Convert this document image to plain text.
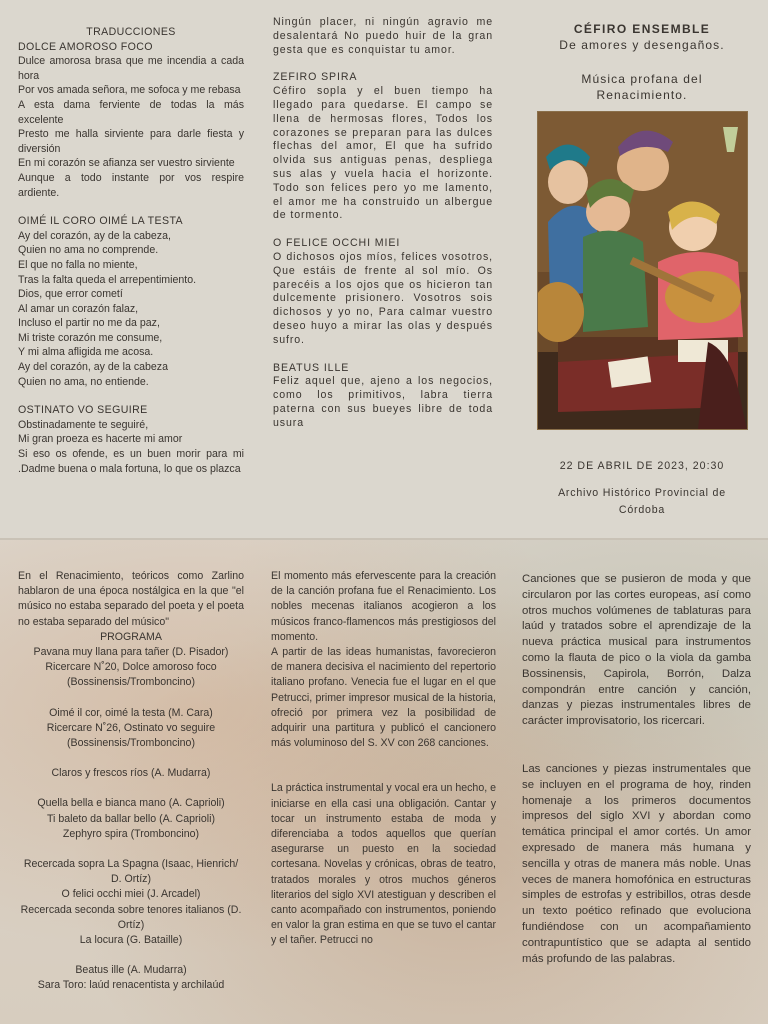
TRADUCCIONES
DOLCE AMOROSO FOCO
Dulce amorosa brasa que me incendia a cada hora
Por vos amada señora, me sofoca y me rebasa
A esta dama ferviente de todas la más excelente
Presto me halla sirviente para darle fiesta y diversión
En mi corazón se afianza ser vuestro sirviente
Aunque a todo instante por vos respire ardiente.
OIMÉ IL CORO OIMÉ LA TESTA
Ay del corazón, ay de la cabeza,
Quien no ama no comprende.
El que no falla no miente,
Tras la falta queda el arrepentimiento.
Dios, que error cometí
Al amar un corazón falaz,
Incluso el partir no me da paz,
Mi triste corazón me consume,
Y mi alma afligida me acosa.
Ay del corazón, ay de la cabeza
Quien no ama, no entiende.
OSTINATO VO SEGUIRE
Obstinadamente te seguiré,
Mi gran proeza es hacerte mi amor
Si eso os ofende, es un buen morir para mi .Dadme buena o mala fortuna, lo que os plazca
Ningún placer, ni ningún agravio me desalentará No puedo huir de la gran gesta que es conquistar tu amor.
ZEFIRO SPIRA
Céfiro sopla y el buen tiempo ha llegado para quedarse. El campo se llena de hermosas flores, Todos los corazones se preparan para las dulces flechas del amor, El que ha sufrido olvida sus antiguas penas, despliega sus alas y vuela hacia el horizonte. Todo son felices pero yo me lamento, el amor me ha construido un albergue de tormento.
O FELICE OCCHI MIEI
O dichosos ojos míos, felices vosotros, Que estáis de frente al sol mío. Os parecéis a los ojos que os hicieron tan dulcemente prisionero. Vosotros sois dichosos y yo no, Para calmar vuestro deseo huyo a mirar las olas y después sufro.
BEATUS ILLE
Feliz aquel que, ajeno a los negocios, como los primitivos, labra tierra paterna con sus bueyes libre de toda usura
CÉFIRO ENSEMBLE
De amores y desengaños.
Música profana del Renacimiento.
22 DE ABRIL DE 2023, 20:30
Archivo Histórico Provincial de Córdoba
En el Renacimiento, teóricos como Zarlino hablaron de una época nostálgica en la que "el músico no estaba separado del poeta y el poeta no estaba separado del músico"
PROGRAMA
Pavana muy llana para tañer (D. Pisador)
Ricercare N˚20, Dolce amoroso foco
(Bossinensis/Tromboncino)
Oimé il cor, oimé la testa (M. Cara)
Ricercare N˚26, Ostinato vo seguire
(Bossinensis/Tromboncino)
Claros y frescos ríos (A. Mudarra)
Quella bella e bianca mano (A. Caprioli)
Ti baleto da ballar bello (A. Caprioli)
Zephyro spira (Tromboncino)
Recercada sopra La Spagna (Isaac, Hienrich/ D. Ortíz)
O felici occhi miei (J. Arcadel)
Recercada seconda sobre tenores italianos (D. Ortíz)
La locura (G. Bataille)
Beatus ille (A. Mudarra)
Sara Toro: laúd renacentista y archilaúd
El momento más efervescente para la creación de la canción profana fue el Renacimiento. Los nobles mecenas italianos acogieron a los músicos franco-flamencos más prestigiosos del momento.
A partir de las ideas humanistas, favorecieron de manera decisiva el nacimiento del repertorio italiano profano. Venecia fue el lugar en el que Petrucci, primer impresor musical de la historia, ofreció por primera vez la posibilidad de adquirir una partitura y publicó el cancionero más voluminoso del S. XV con 268 canciones.
La práctica instrumental y vocal era un hecho, e iniciarse en ella casi una obligación. Cantar y tocar un instrumento estaba de moda y diferenciaba a todos aquellos que querían asegurarse un puesto en la sociedad cortesana. Novelas y crónicas, obras de teatro, tratados morales y otros muchos géneros literarios del siglo XVI atestiguan y describen el canto acompañado con instrumentos, poniendo en valor la gran estima en que se tuvo el cantar y el tañer. Petrucci no
Canciones que se pusieron de moda y que circularon por las cortes europeas, así como otros muchos volúmenes de tablaturas para laúd y tratados sobre el aprendizaje de la nueva práctica musical para instrumentos como la flauta de pico o la viola da gamba Bossinensis, Capirola, Borrón, Dalza compondrán entre canción y canción, danzas y piezas instrumentales libres de carácter improvisatorio, los ricercari.
Las canciones y piezas instrumentales que se incluyen en el programa de hoy, rinden homenaje a los primeros documentos impresos del siglo XVI y abordan como temática principal el amor cortés. Un amor expresado de manera más humana y sencilla y otras de manera más noble. Unas veces de manera homofónica en estructuras simples de estrofas y estribillos, otras desde un texto poético refinado que evoluciona fundiéndose con un acompañamiento contrapuntístico que se adapta al sentido más profundo de las palabras.
